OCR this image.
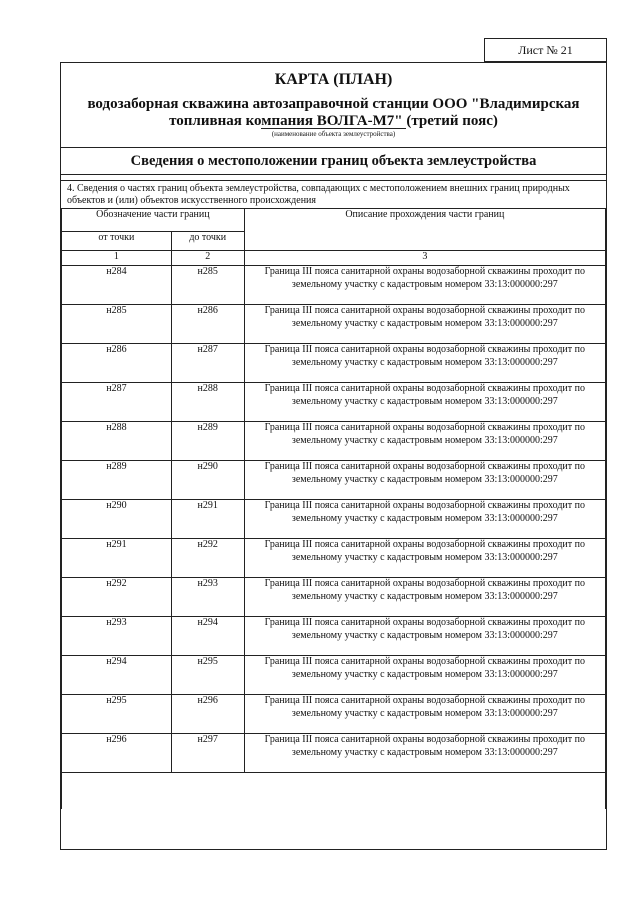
Лист № 21
КАРТА (ПЛАН)
водозаборная скважина автозаправочной станции ООО "Владимирская топливная компания ВОЛГА-М7" (третий пояс)
(наименование объекта землеустройства)
Сведения о местоположении границ объекта землеустройства
4. Сведения о частях границ объекта землеустройства, совпадающих с местоположением внешних границ природных объектов и (или) объектов искусственного происхождения
Обозначение части границ		Описание прохождения части границ
от точки	до точки	
1	2	3
н284	н285	Граница III пояса санитарной охраны водозаборной скважины проходит по земельному участку с кадастровым номером 33:13:000000:297
н285	н286	Граница III пояса санитарной охраны водозаборной скважины проходит по земельному участку с кадастровым номером 33:13:000000:297
н286	н287	Граница III пояса санитарной охраны водозаборной скважины проходит по земельному участку с кадастровым номером 33:13:000000:297
н287	н288	Граница III пояса санитарной охраны водозаборной скважины проходит по земельному участку с кадастровым номером 33:13:000000:297
н288	н289	Граница III пояса санитарной охраны водозаборной скважины проходит по земельному участку с кадастровым номером 33:13:000000:297
н289	н290	Граница III пояса санитарной охраны водозаборной скважины проходит по земельному участку с кадастровым номером 33:13:000000:297
н290	н291	Граница III пояса санитарной охраны водозаборной скважины проходит по земельному участку с кадастровым номером 33:13:000000:297
н291	н292	Граница III пояса санитарной охраны водозаборной скважины проходит по земельному участку с кадастровым номером 33:13:000000:297
н292	н293	Граница III пояса санитарной охраны водозаборной скважины проходит по земельному участку с кадастровым номером 33:13:000000:297
н293	н294	Граница III пояса санитарной охраны водозаборной скважины проходит по земельному участку с кадастровым номером 33:13:000000:297
н294	н295	Граница III пояса санитарной охраны водозаборной скважины проходит по земельному участку с кадастровым номером 33:13:000000:297
н295	н296	Граница III пояса санитарной охраны водозаборной скважины проходит по земельному участку с кадастровым номером 33:13:000000:297
н296	н297	Граница III пояса санитарной охраны водозаборной скважины проходит по земельному участку с кадастровым номером 33:13:000000:297
